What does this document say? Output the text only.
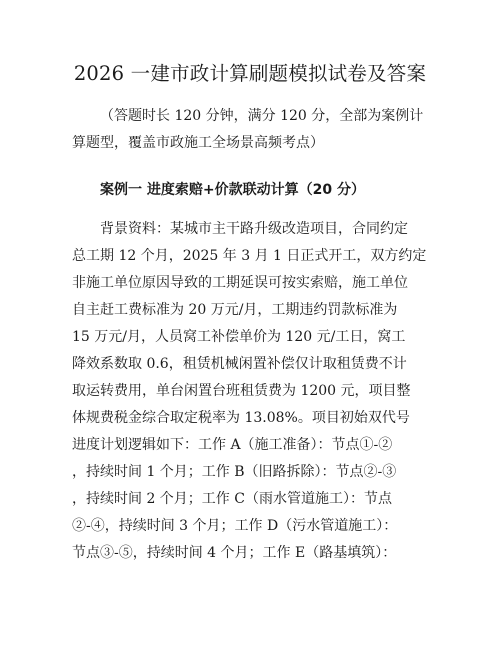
2026 一建市政计算刷题模拟试卷及答案
（答题时长 120 分钟，满分 120 分，全部为案例计
算题型，覆盖市政施工全场景高频考点）
案例一 进度索赔+价款联动计算（20 分）
背景资料：某城市主干路升级改造项目，合同约定
总工期 12 个月，2025 年 3 月 1 日正式开工，双方约定
非施工单位原因导致的工期延误可按实索赔，施工单位
自主赶工费标准为 20 万元/月，工期违约罚款标准为
15 万元/月，人员窝工补偿单价为 120 元/工日，窝工
降效系数取 0.6，租赁机械闲置补偿仅计取租赁费不计
取运转费用，单台闲置台班租赁费为 1200 元，项目整
体规费税金综合取定税率为 13.08%。项目初始双代号
进度计划逻辑如下：工作 A（施工准备）：节点①-②
，持续时间 1 个月；工作 B（旧路拆除）：节点②-③
，持续时间 2 个月；工作 C（雨水管道施工）：节点
②-④，持续时间 3 个月；工作 D（污水管道施工）：
节点③-⑤，持续时间 4 个月；工作 E（路基填筑）：
